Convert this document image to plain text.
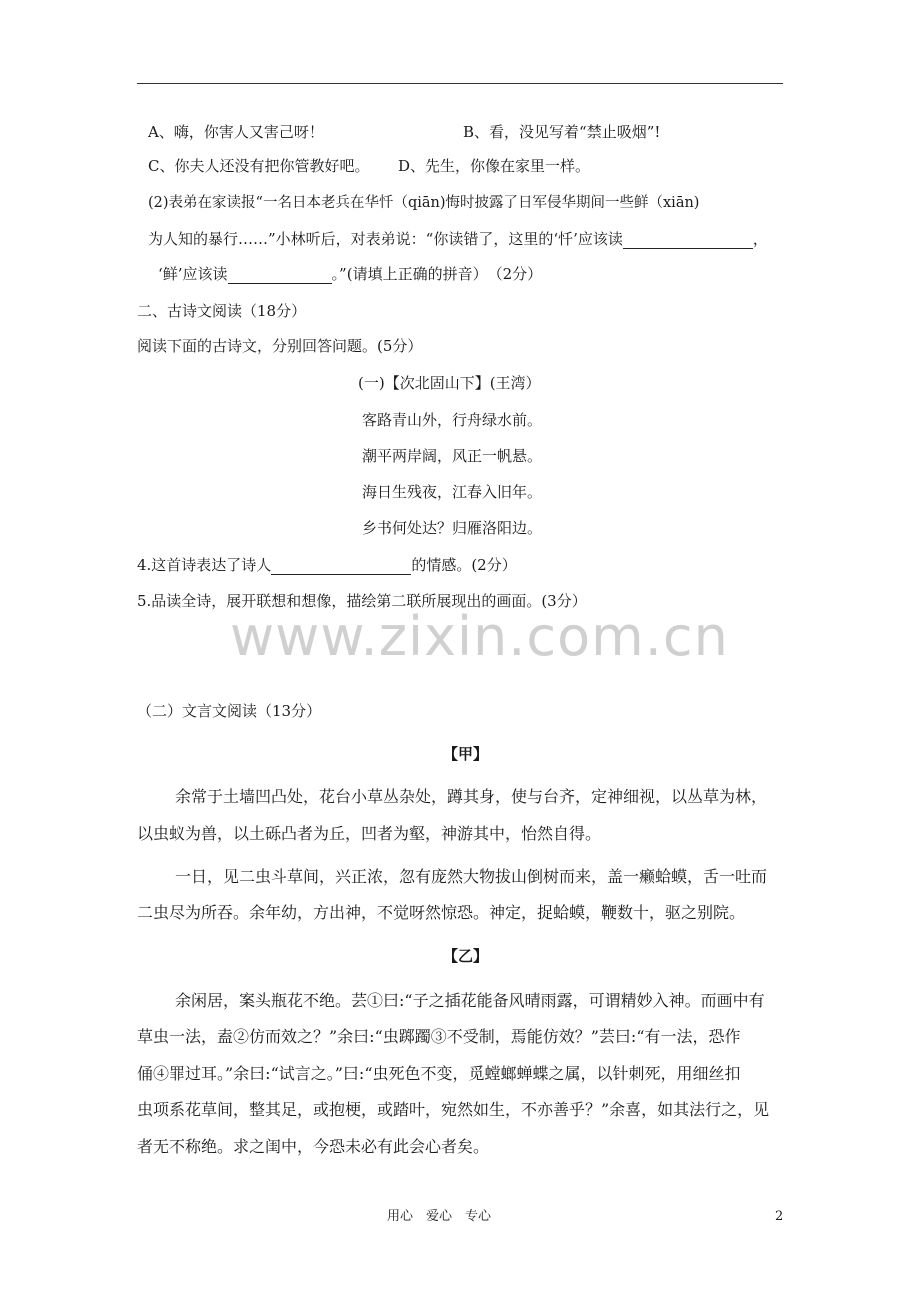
A、嗨，你害人又害己呀！	B、看，没见写着“禁止吸烟”!
C、你夫人还没有把你管教好吧。 D、先生，你像在家里一样。
(2)表弟在家读报“一名日本老兵在华忏（qiān)悔时披露了日军侵华期间一些鲜（xiān)
为人知的暴行……”小林听后，对表弟说：“你读错了，这里的‘忏’应该读	，
‘鲜’应该读	。”(请填上正确的拼音）　（2分）
二、古诗文阅读（18分）
阅读下面的古诗文，分别回答问题。(5分）
(一)【次北固山下】(王湾）
客路青山外，行舟绿水前。
潮平两岸阔，风正一帆悬。
海日生残夜，江春入旧年。
乡书何处达？归雁洛阳边。
4.这首诗表达了诗人	的情感。(2分）
5.品读全诗，展开联想和想像，描绘第二联所展现出的画面。(3分）
www.zixin.com.cn
（二）文言文阅读（13分）
【甲】
余常于土墙凹凸处，花台小草丛杂处，蹲其身，使与台齐，定神细视，以丛草为林，
以虫蚁为兽，以土砾凸者为丘，凹者为壑，神游其中，怡然自得。
一日，见二虫斗草间，兴正浓，忽有庞然大物拔山倒树而来，盖一癞蛤蟆，舌一吐而
二虫尽为所吞。余年幼，方出神，不觉呀然惊恐。神定，捉蛤蟆，鞭数十，驱之别院。
【乙】
余闲居，案头瓶花不绝。芸①曰:“子之插花能备风晴雨露，可谓精妙入神。而画中有
草虫一法，盍②仿而效之？”余曰:“虫踯躅③不受制，焉能仿效？”芸曰:“有一法，恐作
俑④罪过耳。”余曰:“试言之。”曰:“虫死色不变，觅螳螂蝉蝶之属，以针刺死，用细丝扣
虫项系花草间，整其足，或抱梗，或踏叶，宛然如生，不亦善乎？”余喜，如其法行之，见
者无不称绝。求之闺中，今恐未必有此会心者矣。
用心　爱心　专心	2
